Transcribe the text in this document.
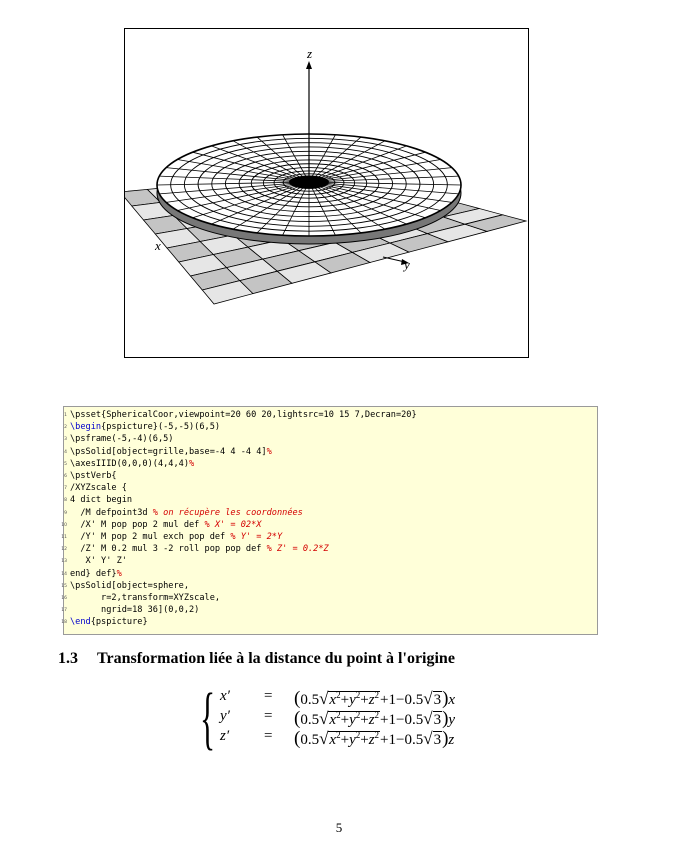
z
x
y
1 \psset{SphericalCoor,viewpoint=20 60 20,lightsrc=10 15 7,Decran=20}
2 \begin{pspicture}(-5,-5)(6,5)
3 \psframe(-5,-4)(6,5)
4 \psSolid[object=grille,base=-4 4 -4 4]%
5 \axesIIID(0,0,0)(4,4,4)%
6 \pstVerb{
7 /XYZscale {
8 4 dict begin
9 /M defpoint3d % on récupère les coordonnées
10 /X' M pop pop 2 mul def % X' = 02*X
11 /Y' M pop 2 mul exch pop def % Y' = 2*Y
12 /Z' M 0.2 mul 3 -2 roll pop pop def % Z' = 0.2*Z
13 X' Y' Z'
14 end} def}%
15 \psSolid[object=sphere,
16 r=2,transform=XYZscale,
17 ngrid=18 36](0,0,2)
18 \end{pspicture}
1.3 Transformation liée à la distance du point à l'origine
{ $x' = (0.5√x^2+y^2+z^2+1-0.5√3)x$
$y' = (0.5√x^2+y^2+z^2+1-0.5√3)y$
$z' = (0.5√x^2+y^2+z^2+1-0.5√3)z$
5
